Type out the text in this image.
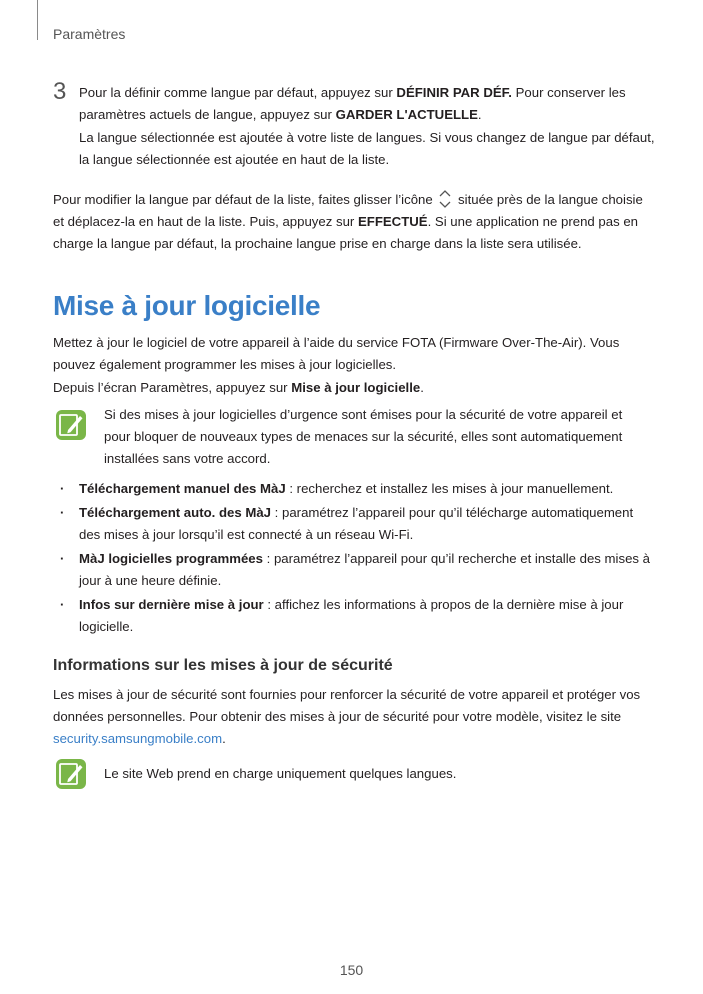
Paramètres
3 Pour la définir comme langue par défaut, appuyez sur DÉFINIR PAR DÉF. Pour conserver les paramètres actuels de langue, appuyez sur GARDER L'ACTUELLE.
La langue sélectionnée est ajoutée à votre liste de langues. Si vous changez de langue par défaut, la langue sélectionnée est ajoutée en haut de la liste.
Pour modifier la langue par défaut de la liste, faites glisser l’icône  située près de la langue choisie et déplacez-la en haut de la liste. Puis, appuyez sur EFFECTUÉ. Si une application ne prend pas en charge la langue par défaut, la prochaine langue prise en charge dans la liste sera utilisée.
Mise à jour logicielle
Mettez à jour le logiciel de votre appareil à l’aide du service FOTA (Firmware Over-The-Air). Vous pouvez également programmer les mises à jour logicielles.
Depuis l’écran Paramètres, appuyez sur Mise à jour logicielle.
Si des mises à jour logicielles d’urgence sont émises pour la sécurité de votre appareil et pour bloquer de nouveaux types de menaces sur la sécurité, elles sont automatiquement installées sans votre accord.
· Téléchargement manuel des MàJ : recherchez et installez les mises à jour manuellement.
· Téléchargement auto. des MàJ : paramétrez l’appareil pour qu’il télécharge automatiquement des mises à jour lorsqu’il est connecté à un réseau Wi-Fi.
· MàJ logicielles programmées : paramétrez l’appareil pour qu’il recherche et installe des mises à jour à une heure définie.
· Infos sur dernière mise à jour : affichez les informations à propos de la dernière mise à jour logicielle.
Informations sur les mises à jour de sécurité
Les mises à jour de sécurité sont fournies pour renforcer la sécurité de votre appareil et protéger vos données personnelles. Pour obtenir des mises à jour de sécurité pour votre modèle, visitez le site security.samsungmobile.com.
Le site Web prend en charge uniquement quelques langues.
150
